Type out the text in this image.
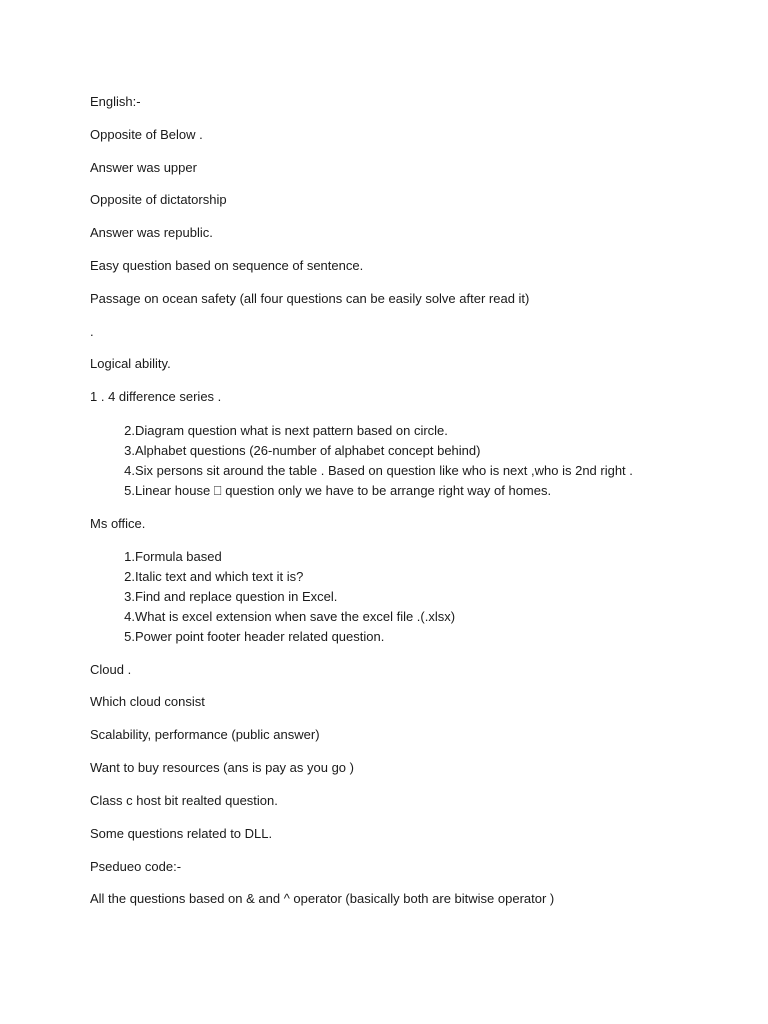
English:-
Opposite of Below .
Answer was upper
Opposite of dictatorship
Answer was republic.
Easy question based on sequence of sentence.
Passage on ocean safety (all four questions can be easily solve after read it)
.
Logical ability.
1 . 4 difference series .
2.Diagram question what is next pattern based on circle.
3.Alphabet questions (26-number of alphabet concept behind)
4.Six persons sit around the table . Based on question like who is next ,who is 2nd right .
5.Linear house ⎕ question only we have to be arrange right way of homes.
Ms office.
1.Formula based
2.Italic text and which text it is?
3.Find and replace question in Excel.
4.What is excel extension when save the excel file .(.xlsx)
5.Power point footer header related question.
Cloud .
Which cloud consist
Scalability, performance (public answer)
Want to buy resources (ans is pay as you go )
Class c host bit realted question.
Some questions related to DLL.
Psedueo code:-
All the questions based on & and ^ operator (basically both are bitwise operator )
